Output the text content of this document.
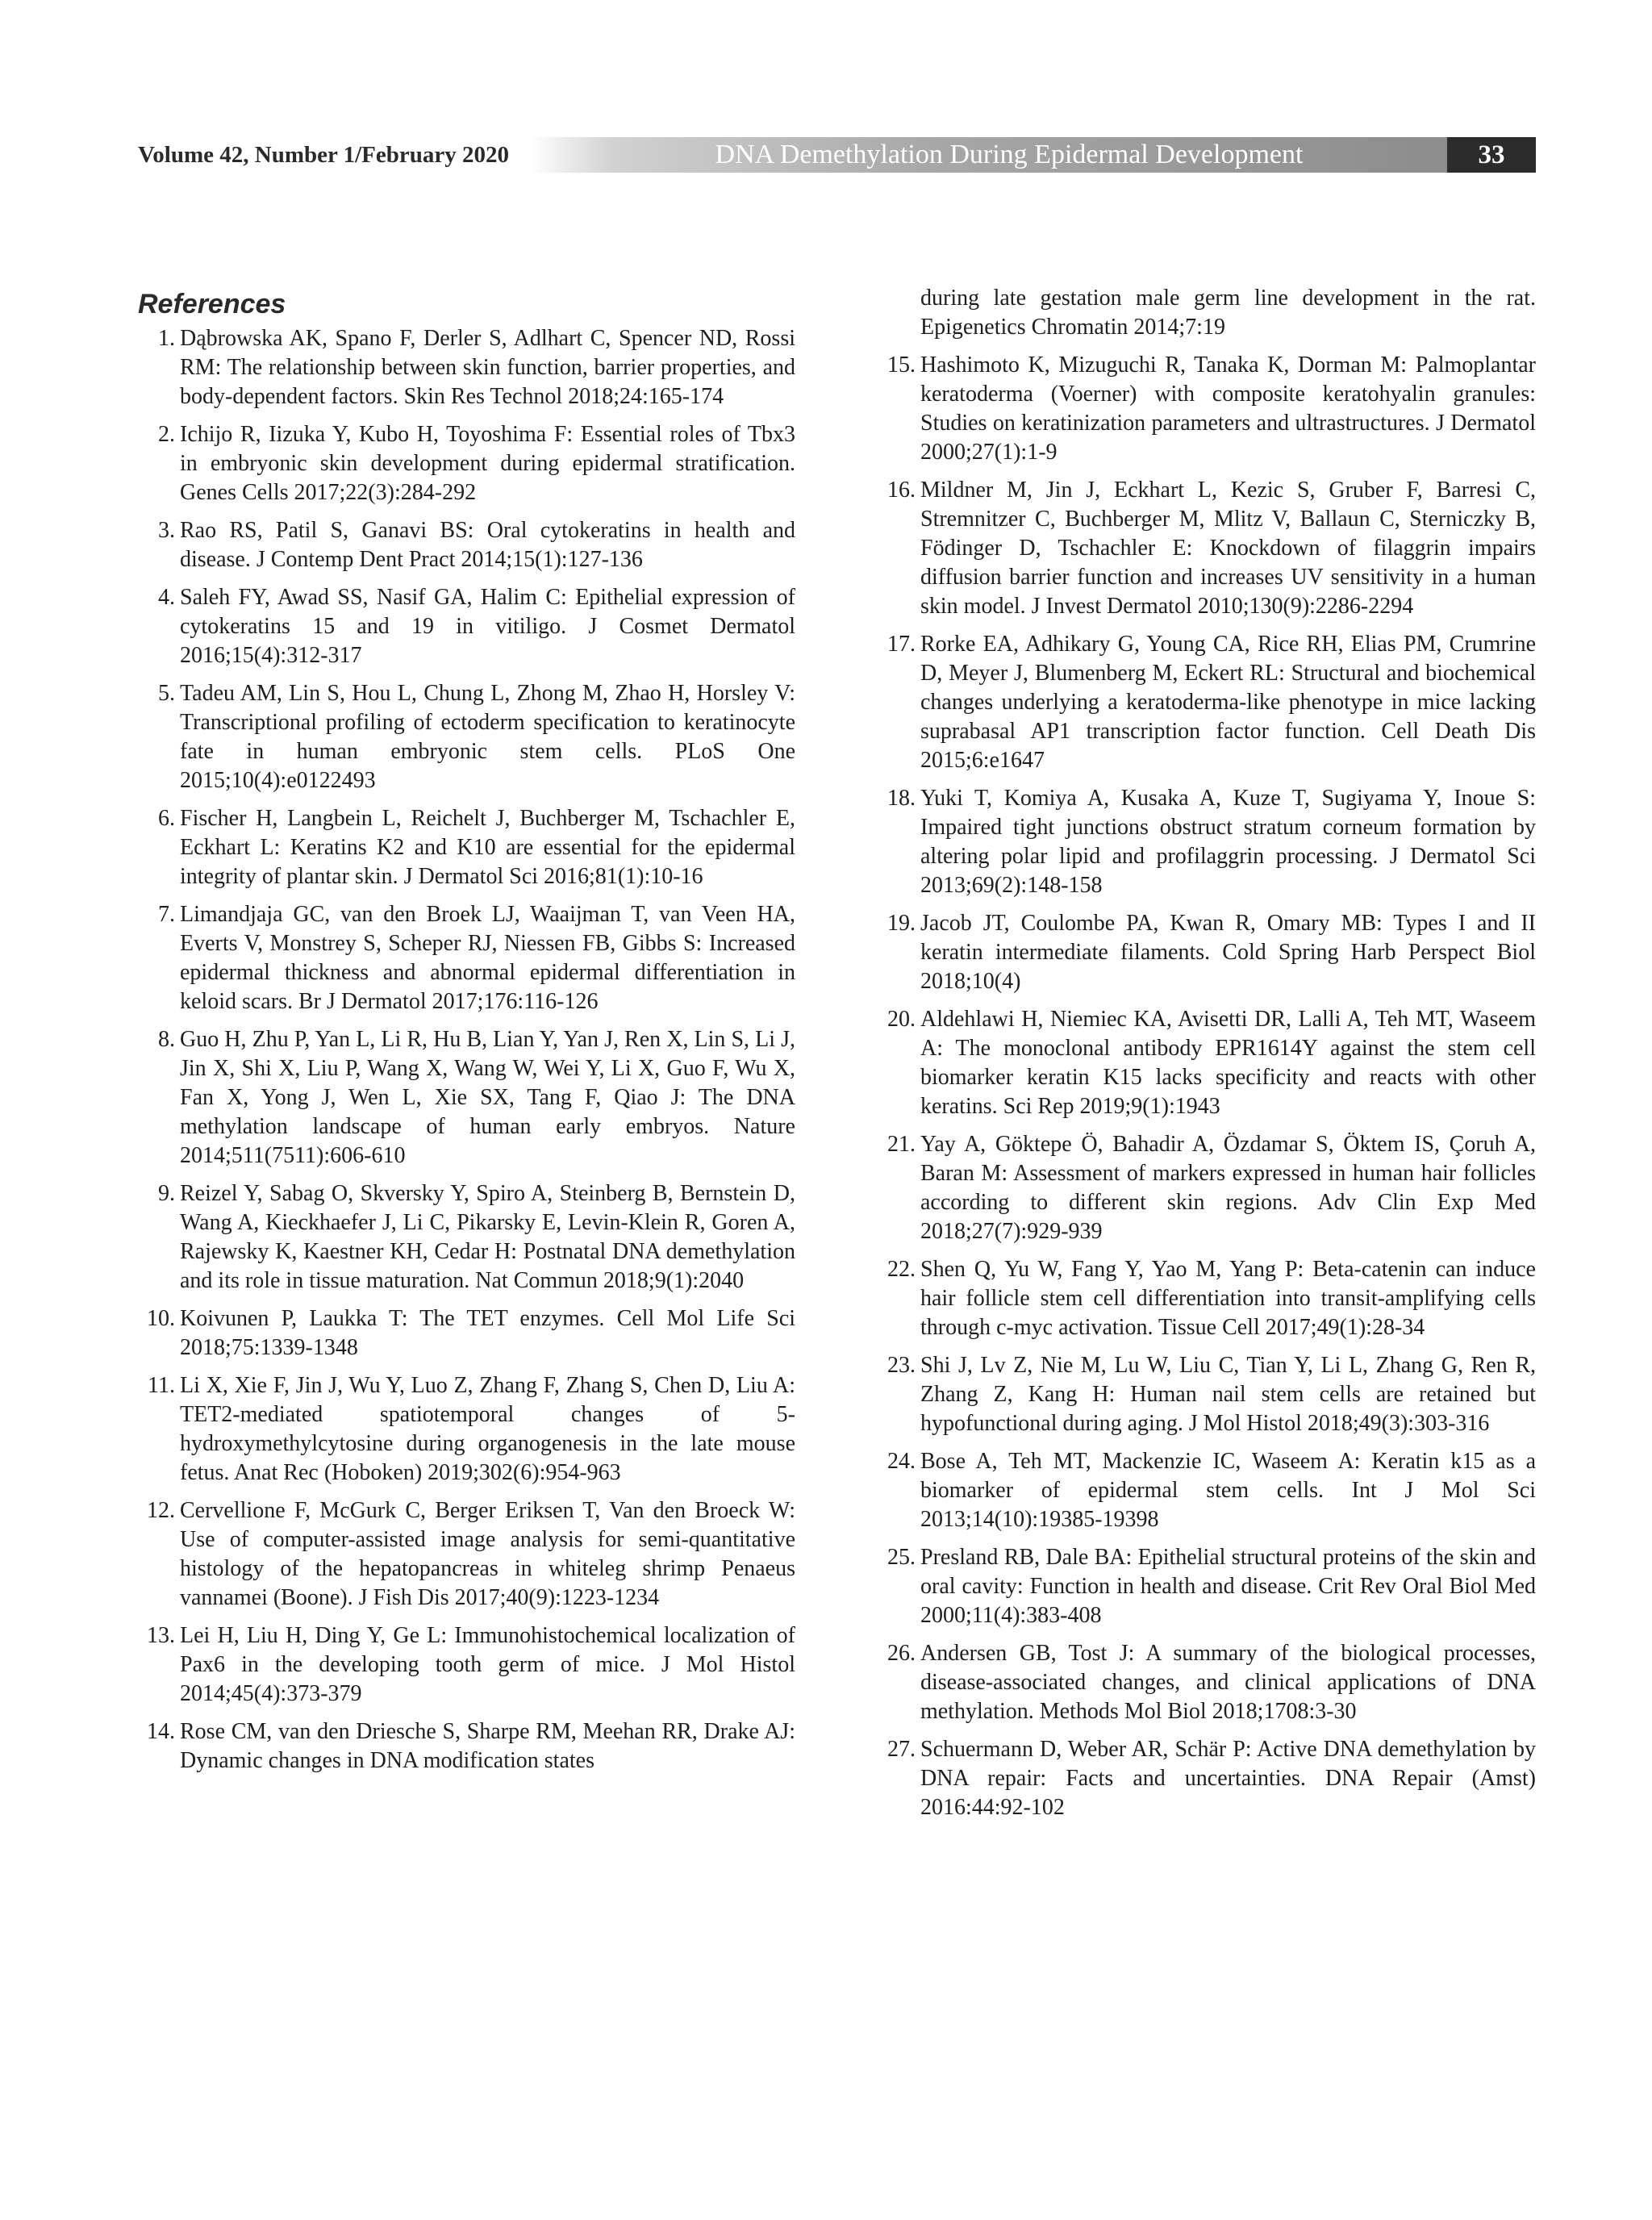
Volume 42, Number 1/February 2020	DNA Demethylation During Epidermal Development	33
References
1. Dąbrowska AK, Spano F, Derler S, Adlhart C, Spencer ND, Rossi RM: The relationship between skin function, barrier properties, and body-dependent factors. Skin Res Technol 2018;24:165-174
2. Ichijo R, Iizuka Y, Kubo H, Toyoshima F: Essential roles of Tbx3 in embryonic skin development during epidermal stratification. Genes Cells 2017;22(3):284-292
3. Rao RS, Patil S, Ganavi BS: Oral cytokeratins in health and disease. J Contemp Dent Pract 2014;15(1):127-136
4. Saleh FY, Awad SS, Nasif GA, Halim C: Epithelial expression of cytokeratins 15 and 19 in vitiligo. J Cosmet Dermatol 2016;15(4):312-317
5. Tadeu AM, Lin S, Hou L, Chung L, Zhong M, Zhao H, Horsley V: Transcriptional profiling of ectoderm specification to keratinocyte fate in human embryonic stem cells. PLoS One 2015;10(4):e0122493
6. Fischer H, Langbein L, Reichelt J, Buchberger M, Tschachler E, Eckhart L: Keratins K2 and K10 are essential for the epidermal integrity of plantar skin. J Dermatol Sci 2016;81(1):10-16
7. Limandjaja GC, van den Broek LJ, Waaijman T, van Veen HA, Everts V, Monstrey S, Scheper RJ, Niessen FB, Gibbs S: Increased epidermal thickness and abnormal epidermal differentiation in keloid scars. Br J Dermatol 2017;176:116-126
8. Guo H, Zhu P, Yan L, Li R, Hu B, Lian Y, Yan J, Ren X, Lin S, Li J, Jin X, Shi X, Liu P, Wang X, Wang W, Wei Y, Li X, Guo F, Wu X, Fan X, Yong J, Wen L, Xie SX, Tang F, Qiao J: The DNA methylation landscape of human early embryos. Nature 2014;511(7511):606-610
9. Reizel Y, Sabag O, Skversky Y, Spiro A, Steinberg B, Bernstein D, Wang A, Kieckhaefer J, Li C, Pikarsky E, Levin-Klein R, Goren A, Rajewsky K, Kaestner KH, Cedar H: Postnatal DNA demethylation and its role in tissue maturation. Nat Commun 2018;9(1):2040
10. Koivunen P, Laukka T: The TET enzymes. Cell Mol Life Sci 2018;75:1339-1348
11. Li X, Xie F, Jin J, Wu Y, Luo Z, Zhang F, Zhang S, Chen D, Liu A: TET2-mediated spatiotemporal changes of 5-hydroxymethylcytosine during organogenesis in the late mouse fetus. Anat Rec (Hoboken) 2019;302(6):954-963
12. Cervellione F, McGurk C, Berger Eriksen T, Van den Broeck W: Use of computer-assisted image analysis for semi-quantitative histology of the hepatopancreas in whiteleg shrimp Penaeus vannamei (Boone). J Fish Dis 2017;40(9):1223-1234
13. Lei H, Liu H, Ding Y, Ge L: Immunohistochemical localization of Pax6 in the developing tooth germ of mice. J Mol Histol 2014;45(4):373-379
14. Rose CM, van den Driesche S, Sharpe RM, Meehan RR, Drake AJ: Dynamic changes in DNA modification states
during late gestation male germ line development in the rat. Epigenetics Chromatin 2014;7:19
15. Hashimoto K, Mizuguchi R, Tanaka K, Dorman M: Palmoplantar keratoderma (Voerner) with composite keratohyalin granules: Studies on keratinization parameters and ultrastructures. J Dermatol 2000;27(1):1-9
16. Mildner M, Jin J, Eckhart L, Kezic S, Gruber F, Barresi C, Stremnitzer C, Buchberger M, Mlitz V, Ballaun C, Sterniczky B, Födinger D, Tschachler E: Knockdown of filaggrin impairs diffusion barrier function and increases UV sensitivity in a human skin model. J Invest Dermatol 2010;130(9):2286-2294
17. Rorke EA, Adhikary G, Young CA, Rice RH, Elias PM, Crumrine D, Meyer J, Blumenberg M, Eckert RL: Structural and biochemical changes underlying a keratoderma-like phenotype in mice lacking suprabasal AP1 transcription factor function. Cell Death Dis 2015;6:e1647
18. Yuki T, Komiya A, Kusaka A, Kuze T, Sugiyama Y, Inoue S: Impaired tight junctions obstruct stratum corneum formation by altering polar lipid and profilaggrin processing. J Dermatol Sci 2013;69(2):148-158
19. Jacob JT, Coulombe PA, Kwan R, Omary MB: Types I and II keratin intermediate filaments. Cold Spring Harb Perspect Biol 2018;10(4)
20. Aldehlawi H, Niemiec KA, Avisetti DR, Lalli A, Teh MT, Waseem A: The monoclonal antibody EPR1614Y against the stem cell biomarker keratin K15 lacks specificity and reacts with other keratins. Sci Rep 2019;9(1):1943
21. Yay A, Göktepe Ö, Bahadir A, Özdamar S, Öktem IS, Çoruh A, Baran M: Assessment of markers expressed in human hair follicles according to different skin regions. Adv Clin Exp Med 2018;27(7):929-939
22. Shen Q, Yu W, Fang Y, Yao M, Yang P: Beta-catenin can induce hair follicle stem cell differentiation into transit-amplifying cells through c-myc activation. Tissue Cell 2017;49(1):28-34
23. Shi J, Lv Z, Nie M, Lu W, Liu C, Tian Y, Li L, Zhang G, Ren R, Zhang Z, Kang H: Human nail stem cells are retained but hypofunctional during aging. J Mol Histol 2018;49(3):303-316
24. Bose A, Teh MT, Mackenzie IC, Waseem A: Keratin k15 as a biomarker of epidermal stem cells. Int J Mol Sci 2013;14(10):19385-19398
25. Presland RB, Dale BA: Epithelial structural proteins of the skin and oral cavity: Function in health and disease. Crit Rev Oral Biol Med 2000;11(4):383-408
26. Andersen GB, Tost J: A summary of the biological processes, disease-associated changes, and clinical applications of DNA methylation. Methods Mol Biol 2018;1708:3-30
27. Schuermann D, Weber AR, Schär P: Active DNA demethylation by DNA repair: Facts and uncertainties. DNA Repair (Amst) 2016:44:92-102
